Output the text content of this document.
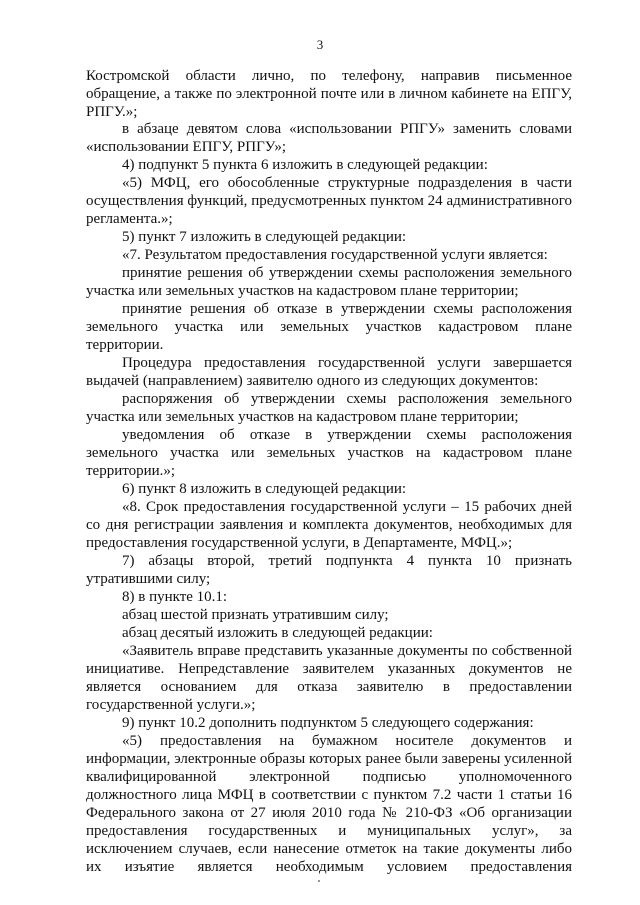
3

Костромской области лично, по телефону, направив письменное обращение, а также по электронной почте или в личном кабинете на ЕПГУ, РПГУ.»;

в абзаце девятом слова «использовании РПГУ» заменить словами «использовании ЕПГУ, РПГУ»;

4) подпункт 5 пункта 6 изложить в следующей редакции:

«5) МФЦ, его обособленные структурные подразделения в части осуществления функций, предусмотренных пунктом 24 административного регламента.»;

5) пункт 7 изложить в следующей редакции:

«7. Результатом предоставления государственной услуги является:

принятие решения об утверждении схемы расположения земельного участка или земельных участков на кадастровом плане территории;

принятие решения об отказе в утверждении схемы расположения земельного участка или земельных участков кадастровом плане территории.

Процедура предоставления государственной услуги завершается выдачей (направлением) заявителю одного из следующих документов:

распоряжения об утверждении схемы расположения земельного участка или земельных участков на кадастровом плане территории;

уведомления об отказе в утверждении схемы расположения земельного участка или земельных участков на кадастровом плане территории.»;

6) пункт 8 изложить в следующей редакции:

«8. Срок предоставления государственной услуги – 15 рабочих дней со дня регистрации заявления и комплекта документов, необходимых для предоставления государственной услуги, в Департаменте, МФЦ.»;

7) абзацы второй, третий подпункта 4 пункта 10 признать утратившими силу;

8) в пункте 10.1:

абзац шестой признать утратившим силу;

абзац десятый изложить в следующей редакции:

«Заявитель вправе представить указанные документы по собственной инициативе. Непредставление заявителем указанных документов не является основанием для отказа заявителю в предоставлении государственной услуги.»;

9) пункт 10.2 дополнить подпунктом 5 следующего содержания:

«5) предоставления на бумажном носителе документов и информации, электронные образы которых ранее были заверены усиленной квалифицированной электронной подписью уполномоченного должностного лица МФЦ в соответствии с пунктом 7.2 части 1 статьи 16 Федерального закона от 27 июля 2010 года № 210-ФЗ «Об организации предоставления государственных и муниципальных услуг», за исключением случаев, если нанесение отметок на такие документы либо их изъятие является необходимым условием предоставления
